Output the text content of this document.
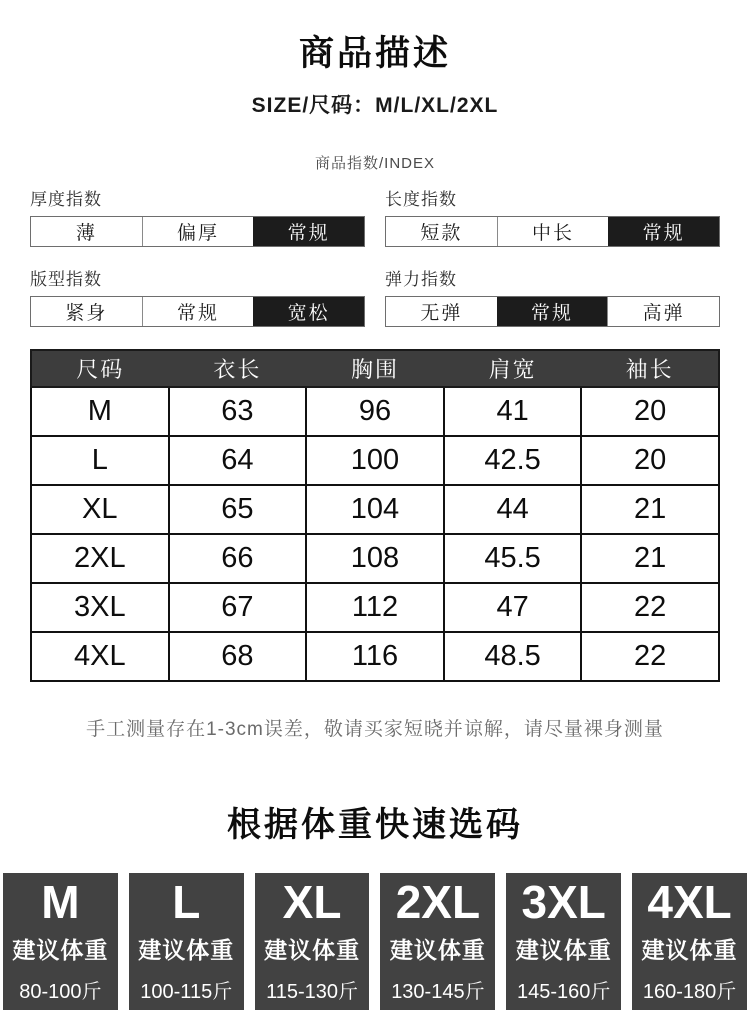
商品描述
SIZE/尺码：M/L/XL/2XL
商品指数/INDEX
厚度指数
薄	偏厚	常规
长度指数
短款	中长	常规
版型指数
紧身	常规	宽松
弹力指数
无弹	常规	高弹
尺码	衣长	胸围	肩宽	袖长
M	63	96	41	20
L	64	100	42.5	20
XL	65	104	44	21
2XL	66	108	45.5	21
3XL	67	112	47	22
4XL	68	116	48.5	22
手工测量存在1-3cm误差，敬请买家短晓并谅解，请尽量裸身测量
根据体重快速选码
M
建议体重
80-100斤
L
建议体重
100-115斤
XL
建议体重
115-130斤
2XL
建议体重
130-145斤
3XL
建议体重
145-160斤
4XL
建议体重
160-180斤
